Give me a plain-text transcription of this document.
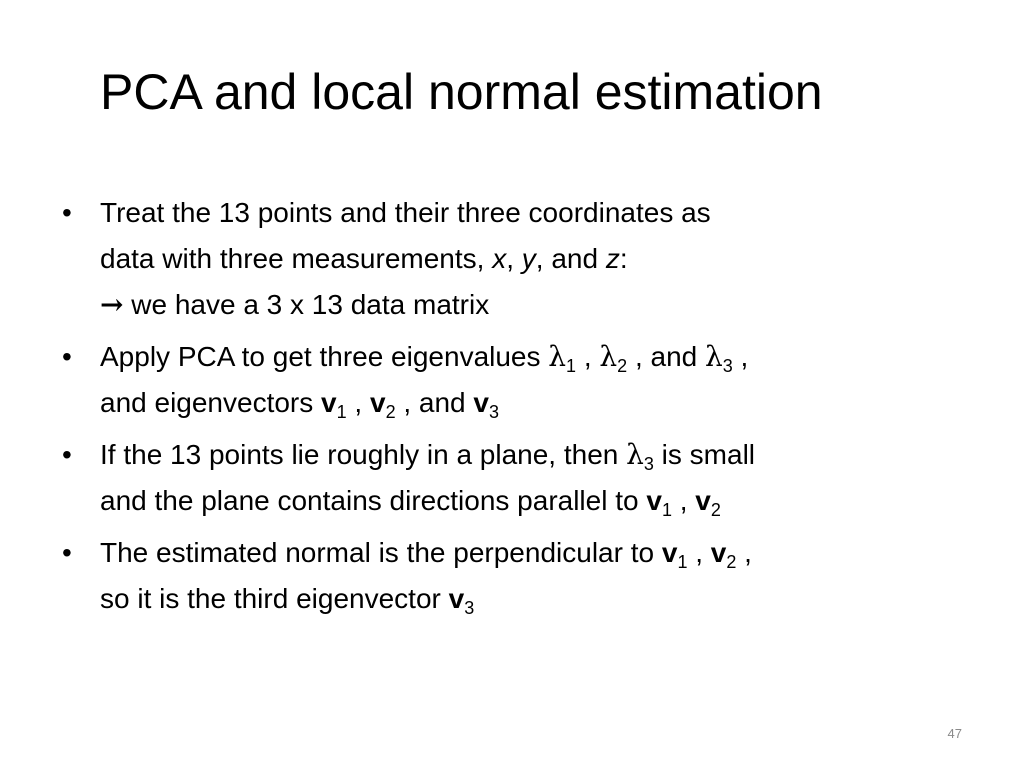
PCA and local normal estimation
•	Treat the 13 points and their three coordinates as
data with three measurements, x, y, and z:
→ we have a 3 x 13 data matrix
•	Apply PCA to get three eigenvalues $\lambda_1$ , $\lambda_2$ , and $\lambda_3$ ,
and eigenvectors $v_1$ , $v_2$ , and $v_3$
•	If the 13 points lie roughly in a plane, then $\lambda_3$ is small
and the plane contains directions parallel to $v_1$ , $v_2$
•	The estimated normal is the perpendicular to $v_1$ , $v_2$ ,
so it is the third eigenvector $v_3$
47
